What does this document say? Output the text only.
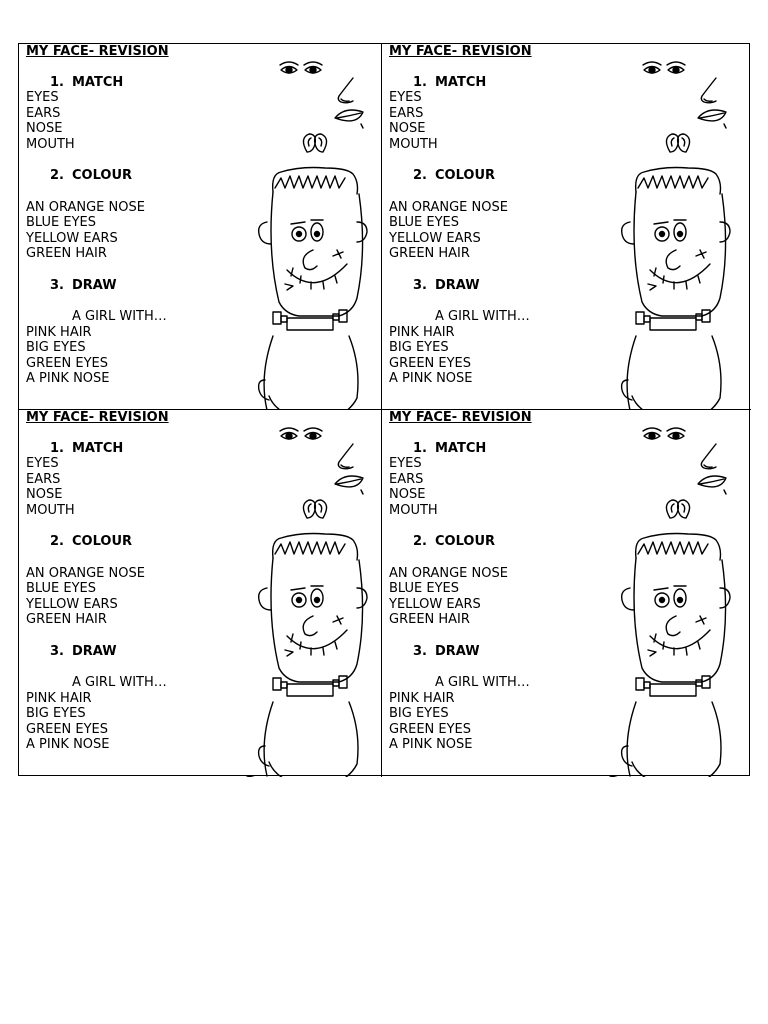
MY FACE- REVISION

1. MATCH

EYES

EARS

NOSE

MOUTH

2. COLOUR

AN ORANGE NOSE

BLUE EYES

YELLOW EARS

GREEN HAIR

3. DRAW

A GIRL WITH…

PINK HAIR

BIG EYES

GREEN EYES

A PINK NOSE

MY FACE- REVISION

1. MATCH

EYES

EARS

NOSE

MOUTH

2. COLOUR

AN ORANGE NOSE

BLUE EYES

YELLOW EARS

GREEN HAIR

3. DRAW

A GIRL WITH…

PINK HAIR

BIG EYES

GREEN EYES

A PINK NOSE

MY FACE- REVISION

1. MATCH

EYES

EARS

NOSE

MOUTH

2. COLOUR

AN ORANGE NOSE

BLUE EYES

YELLOW EARS

GREEN HAIR

3. DRAW

A GIRL WITH…

PINK HAIR

BIG EYES

GREEN EYES

A PINK NOSE

MY FACE- REVISION

1. MATCH

EYES

EARS

NOSE

MOUTH

2. COLOUR

AN ORANGE NOSE

BLUE EYES

YELLOW EARS

GREEN HAIR

3. DRAW

A GIRL WITH…

PINK HAIR

BIG EYES

GREEN EYES

A PINK NOSE
